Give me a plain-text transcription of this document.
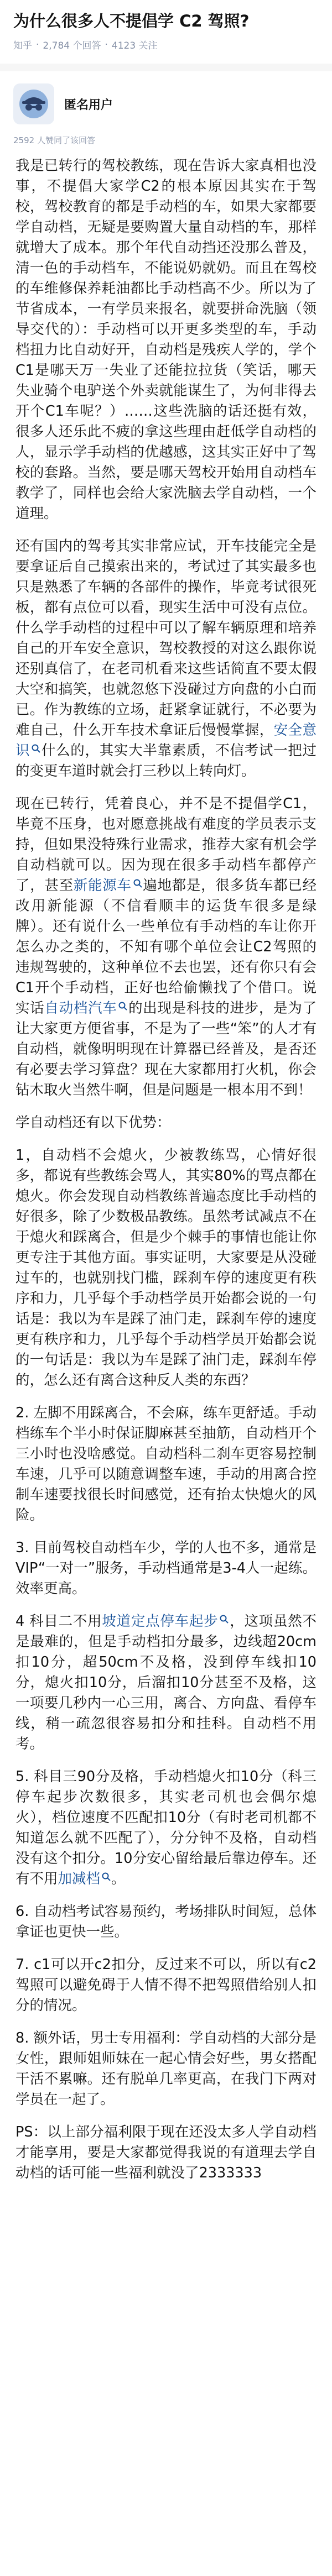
为什么很多人不提倡学 C2 驾照?
知乎 · 2,784 个回答 · 4123 关注
匿名用户
2592 人赞同了该回答

我是已转行的驾校教练，现在告诉大家真相也没事，不提倡大家学C2的根本原因其实在于驾校，驾校教育的都是手动档的车，如果大家都要学自动档，无疑是要购置大量自动档的车，那样就增大了成本。那个年代自动挡还没那么普及，清一色的手动档车，不能说奶就奶。而且在驾校的车维修保养耗油都比手动档高不少。所以为了节省成本，一有学员来报名，就要拼命洗脑（领导交代的）：手动档可以开更多类型的车，手动档扭力比自动好开，自动档是残疾人学的，学个C1是哪天万一失业了还能拉拉货（笑话，哪天失业骑个电驴送个外卖就能谋生了，为何非得去开个C1车呢？）……这些洗脑的话还挺有效，很多人还乐此不疲的拿这些理由赶低学自动档的人，显示学手动档的优越感，这其实正好中了驾校的套路。当然，要是哪天驾校开始用自动档车教学了，同样也会给大家洗脑去学自动档，一个道理。

还有国内的驾考其实非常应试，开车技能完全是要拿证后自己摸索出来的，考试过了其实最多也只是熟悉了车辆的各部件的操作，毕竟考试很死板，都有点位可以看，现实生活中可没有点位。什么学手动档的过程中可以了解车辆原理和培养自己的开车安全意识，驾校教授的对这么跟你说还别真信了，在老司机看来这些话简直不要太假大空和搞笑，也就忽悠下没碰过方向盘的小白而已。作为教练的立场，赶紧拿证就行，不必要为难自己，什么开车技术拿证后慢慢掌握，安全意识 什么的，其实大半靠素质，不信考试一把过的变更车道时就会打三秒以上转向灯。

现在已转行，凭着良心，并不是不提倡学C1，毕竟不压身，也对愿意挑战有难度的学员表示支持，但如果没特殊行业需求，推荐大家有机会学自动档就可以。因为现在很多手动档车都停产了，甚至新能源车 遍地都是，很多货车都已经改用新能源（不信看顺丰的运货车很多是绿牌）。还有说什么一些单位有手动档的车让你开怎么办之类的，不知有哪个单位会让C2驾照的违规驾驶的，这种单位不去也罢，还有你只有会C1开个手动档，正好也给偷懒找了个借口。说实话自动档汽车 的出现是科技的进步，是为了让大家更方便省事，不是为了一些“笨”的人才有自动档，就像明明现在计算器已经普及，是否还有必要去学习算盘？现在大家都用打火机，你会钻木取火当然牛啊，但是问题是一根本用不到！

学自动档还有以下优势：

1，自动档不会熄火，少被教练骂，心情好很多，都说有些教练会骂人，其实80%的骂点都在熄火。你会发现自动档教练普遍态度比手动档的好很多，除了少数极品教练。虽然考试减点不在于熄火和踩离合，但是少个棘手的事情也能让你更专注于其他方面。事实证明，大家要是从没碰过车的，也就别找门槛，踩刹车停的速度更有秩序和力，几乎每个手动档学员开始都会说的一句话是：我以为车是踩了油门走，踩刹车停的速度更有秩序和力，几乎每个手动档学员开始都会说的一句话是：我以为车是踩了油门走，踩刹车停的，怎么还有离合这种反人类的东西？

2. 左脚不用踩离合，不会麻，练车更舒适。手动档练车个半小时保证脚麻甚至抽筋，自动档开个三小时也没啥感觉。自动档科二刹车更容易控制车速，几乎可以随意调整车速，手动的用离合控制车速要找很长时间感觉，还有抬太快熄火的风险。

3. 目前驾校自动档车少，学的人也不多，通常是VIP“一对一”服务，手动档通常是3-4人一起练。效率更高。

4 科目二不用坡道定点停车起步 ，这项虽然不是最难的，但是手动档扣分最多，边线超20cm扣10分，超50cm不及格，没到停车线扣10分，熄火扣10分，后溜扣10分甚至不及格，这一项要几秒内一心三用，离合、方向盘、看停车线，稍一疏忽很容易扣分和挂科。自动档不用考。

5. 科目三90分及格，手动档熄火扣10分（科三停车起步次数很多，其实老司机也会偶尔熄火），档位速度不匹配扣10分（有时老司机都不知道怎么就不匹配了），分分钟不及格，自动档没有这个扣分。10分安心留给最后靠边停车。还有不用加减档 。

6. 自动档考试容易预约，考场排队时间短，总体拿证也更快一些。

7. c1可以开c2扣分，反过来不可以，所以有c2驾照可以避免碍于人情不得不把驾照借给别人扣分的情况。

8. 额外话，男士专用福利：学自动档的大部分是女性，跟师姐师妹在一起心情会好些，男女搭配干活不累嘛。还有脱单几率更高，在我门下两对学员在一起了。

PS：以上部分福利限于现在还没太多人学自动档才能享用，要是大家都觉得我说的有道理去学自动档的话可能一些福利就没了2333333
